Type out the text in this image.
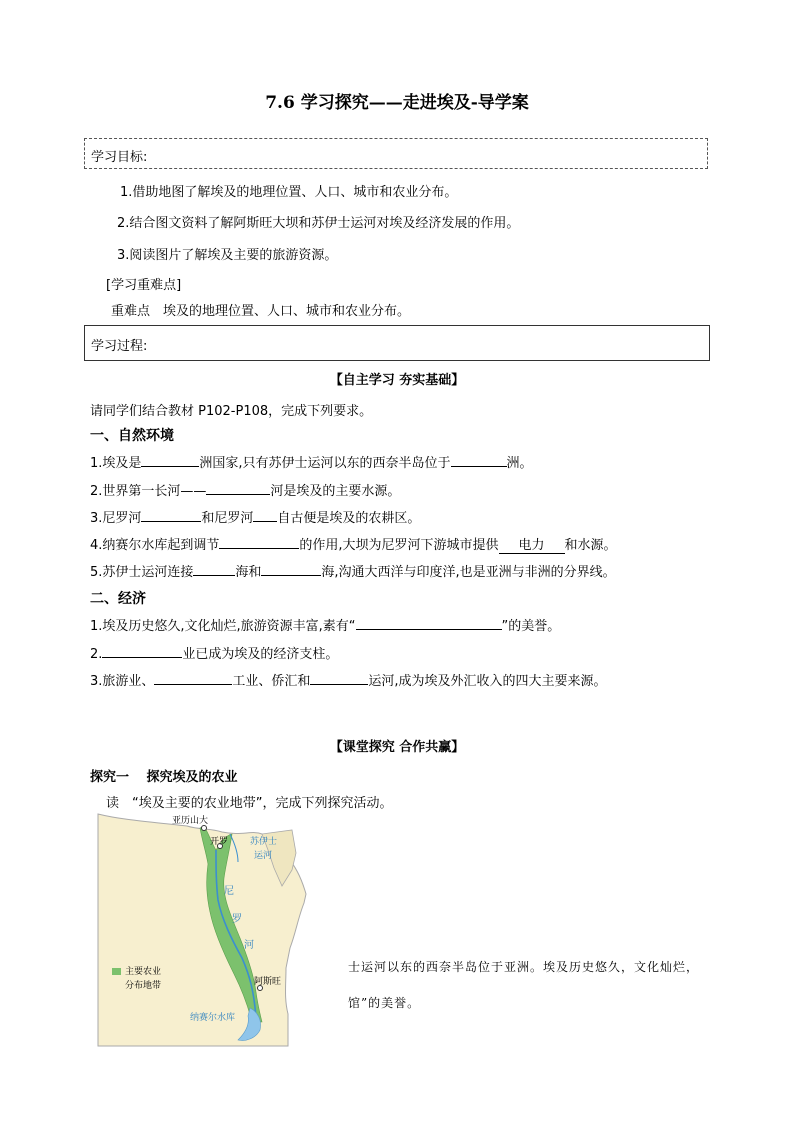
7.6 学习探究——走进埃及-导学案
学习目标:
1.借助地图了解埃及的地理位置、人口、城市和农业分布。
2.结合图文资料了解阿斯旺大坝和苏伊士运河对埃及经济发展的作用。
3.阅读图片了解埃及主要的旅游资源。
[学习重难点]
重难点　埃及的地理位置、人口、城市和农业分布。
学习过程:
【自主学习 夯实基础】
请同学们结合教材 P102-P108，完成下列要求。
一、自然环境
1.埃及是	洲国家,只有苏伊士运河以东的西奈半岛位于	洲。
2.世界第一长河——	河是埃及的主要水源。
3.尼罗河	和尼罗河 自古便是埃及的农耕区。
4.纳赛尔水库起到调节	的作用,大坝为尼罗河下游城市提供 电力 和水源。
5.苏伊士运河连接	海和	海,沟通大西洋与印度洋,也是亚洲与非洲的分界线。
二、经济
1.埃及历史悠久,文化灿烂,旅游资源丰富,素有“	”的美誉。
2.	业已成为埃及的经济支柱。
3.旅游业、	工业、侨汇和	运河,成为埃及外汇收入的四大主要来源。
【课堂探究 合作共赢】
探究一　 探究埃及的农业
读　“埃及主要的农业地带”，完成下列探究活动。
亚历山大
开罗 苏伊士
运河
尼
罗
河
阿斯旺
纳赛尔水库
主要农业
分布地带
士运河以东的西奈半岛位于亚洲。埃及历史悠久，文化灿烂，
馆”的美誉。
